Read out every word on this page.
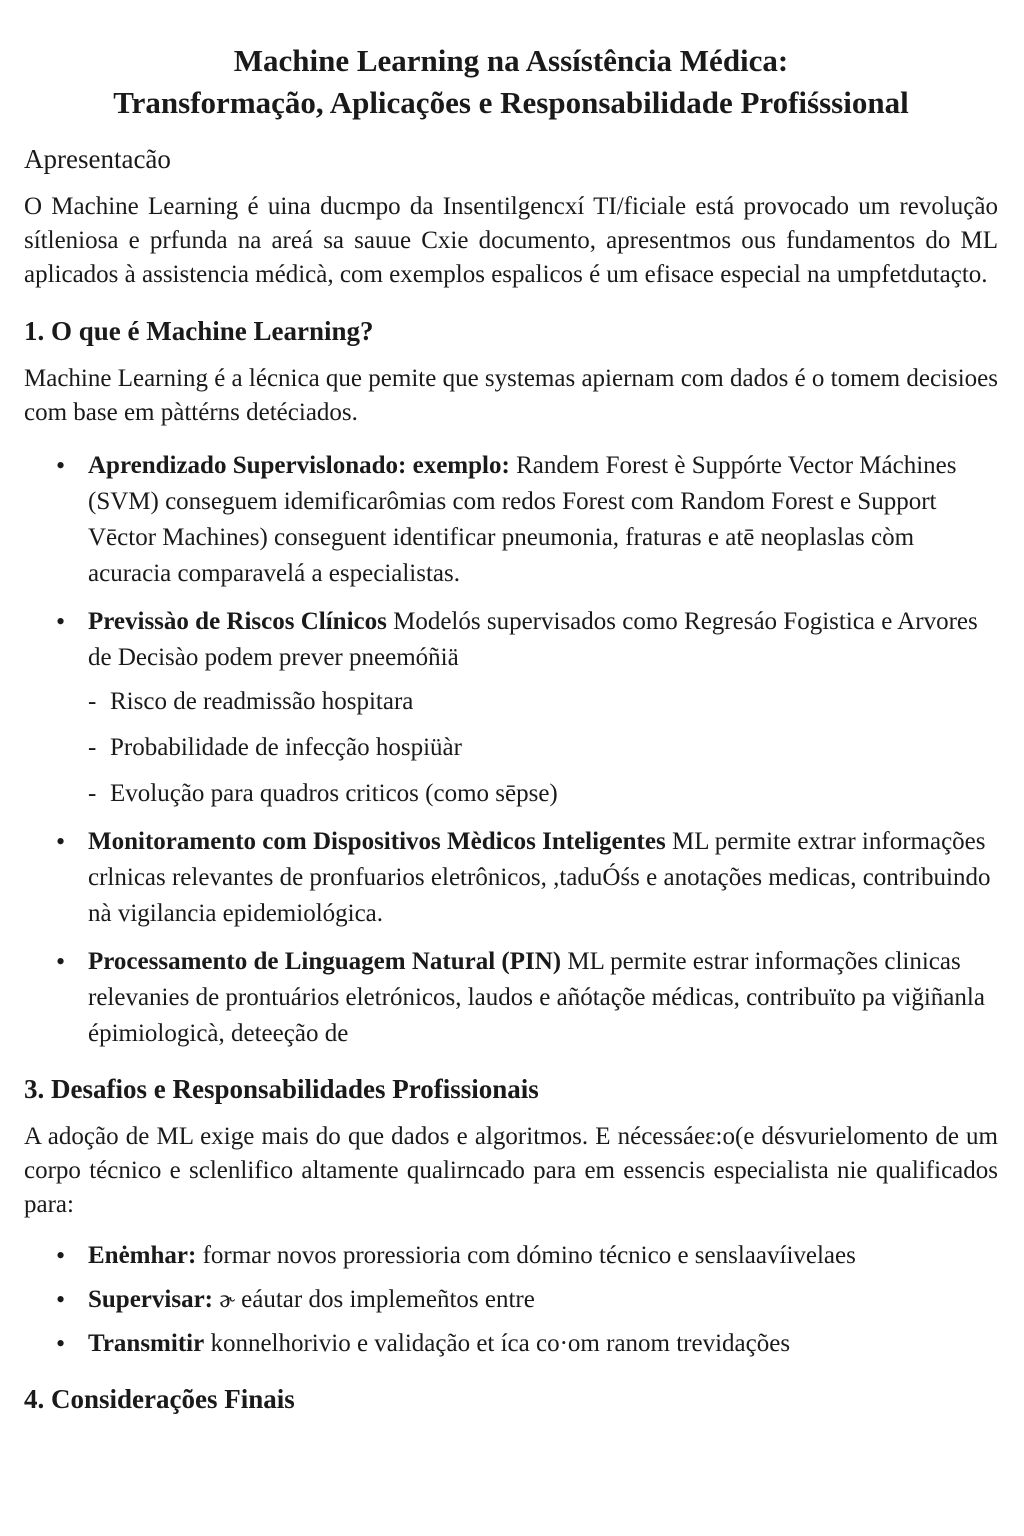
Machine Learning na Assístência Médica:
Transformação, Aplicações e Responsabilidade Profiśssional
Apresentacão

O Machine Learning é uina ducmpo da Insentilgencxí TI/ficiale está provocado um revolução sítleniosa e prfunda na areá sa sauue Cxie documento, apresentmos ous fundamentos do ML aplicados à assistencia médicà, com exemplos espalicos é um efisace especial na umpfetdutaçto.

1. O que é Machine Learning?

Machine Learning é a lécnica que pemite que systemas apiernam com dados é o tomem decisioes com base em pàttérns detéciados.

• Aprendizado Supervislonado: exemplo: Randem Forest è Suppórte Vector Máchines (SVM) conseguem idemificarômias com redos Forest com Random Forest e Support Vēctor Machines) conseguent identificar pneumonia, fraturas e atē neoplaslas còm acuracia comparavelá a especialistas.
• Previssào de Riscos Clínicos Modelós supervisados como Regresáo Fogistica e Arvores de Decisào podem prever pneemóñiä
- Risco de readmissão hospitara
- Probabilidade de infecção hospiüàr
- Evolução para quadros criticos (como sēpse)
• Monitoramento com Dispositivos Mèdicos Inteligentes ML permite extrar informações crlnicas relevantes de pronfuarios eletrônicos, ,taduÓśs e anotações medicas, contribuindo nà vigilancia epidemiológica.
• Processamento de Linguagem Natural (PIN) ML permite estrar informações clinicas relevanies de prontuários eletrónicos, laudos e añótaçõe médicas, contribuïto pa viğiñanla épimiologicà, deteeção de
3. Desafios e Responsabilidades Profissionais

A adoção de ML exige mais do que dados e algoritmos. E nécessáeɛ:o(e désvurielomento de um corpo técnico e sclenlifico altamente qualirncado para em essencis especialista nie qualificados para:

• Enėmhar: formar novos proressioria com dómino técnico e senslaavíivelaes
• Supervisar: ɚ eáutar dos implemeñtos entre
• Transmitir konnelhorivio e validação et íca co·om ranom trevidações
4. Considerações Finais
